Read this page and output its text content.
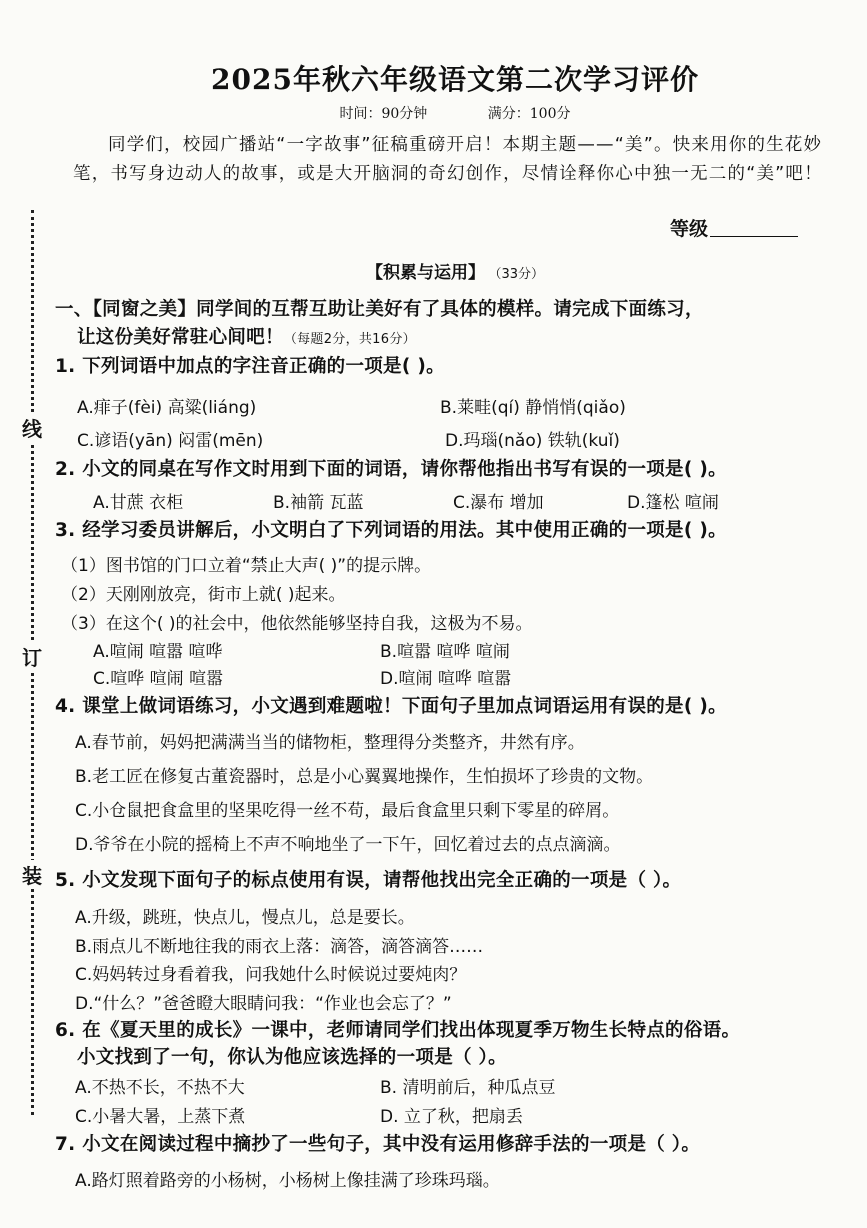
线
订
装
2025年秋六年级语文第二次学习评价
时间：90分钟	满分：100分
同学们，校园广播站“一字故事”征稿重磅开启！本期主题——“美”。快来用你的生花妙笔，书写身边动人的故事，或是大开脑洞的奇幻创作，尽情诠释你心中独一无二的“美”吧！
等级
【积累与运用】 （33分）
一、【同窗之美】同学间的互帮互助让美好有了具体的模样。请完成下面练习，
让这份美好常驻心间吧！（每题2分，共16分）
1. 下列词语中加点的字注音正确的一项是( )。
A.痱子(fèi) 高粱(liáng)	B.莱畦(qí) 静悄悄(qiǎo)
C.谚语(yān) 闷雷(mēn)	D.玛瑙(nǎo) 铁轨(kuǐ)
2. 小文的同桌在写作文时用到下面的词语，请你帮他指出书写有误的一项是( )。
A.甘蔗 衣柜	B.袖箭 瓦蓝	C.瀑布 增加	D.篷松 喧闹
3. 经学习委员讲解后，小文明白了下列词语的用法。其中使用正确的一项是( )。
（1）图书馆的门口立着“禁止大声( )”的提示牌。
（2）天刚刚放亮，街市上就( )起来。
（3）在这个( )的社会中，他依然能够坚持自我，这极为不易。
A.喧闹 喧嚣 喧哗	B.喧嚣 喧哗 喧闹
C.喧哗 喧闹 喧嚣	D.喧闹 喧哗 喧嚣
4. 课堂上做词语练习，小文遇到难题啦！下面句子里加点词语运用有误的是( )。
A.春节前，妈妈把满满当当的储物柜，整理得分类整齐，井然有序。
B.老工匠在修复古董瓷器时，总是小心翼翼地操作，生怕损坏了珍贵的文物。
C.小仓鼠把食盒里的坚果吃得一丝不苟，最后食盒里只剩下零星的碎屑。
D.爷爷在小院的摇椅上不声不响地坐了一下午，回忆着过去的点点滴滴。
5. 小文发现下面句子的标点使用有误，请帮他找出完全正确的一项是（ ）。
A.升级，跳班，快点儿，慢点儿，总是要长。
B.雨点儿不断地往我的雨衣上落：滴答，滴答滴答……
C.妈妈转过身看着我，问我她什么时候说过要炖肉？
D.“什么？”爸爸瞪大眼睛问我：“作业也会忘了？”
6. 在《夏天里的成长》一课中，老师请同学们找出体现夏季万物生长特点的俗语。
小文找到了一句，你认为他应该选择的一项是（ ）。
A.不热不长，不热不大	B. 清明前后，种瓜点豆
C.小暑大暑，上蒸下煮	D. 立了秋，把扇丢
7. 小文在阅读过程中摘抄了一些句子，其中没有运用修辞手法的一项是（ ）。
A.路灯照着路旁的小杨树，小杨树上像挂满了珍珠玛瑙。
